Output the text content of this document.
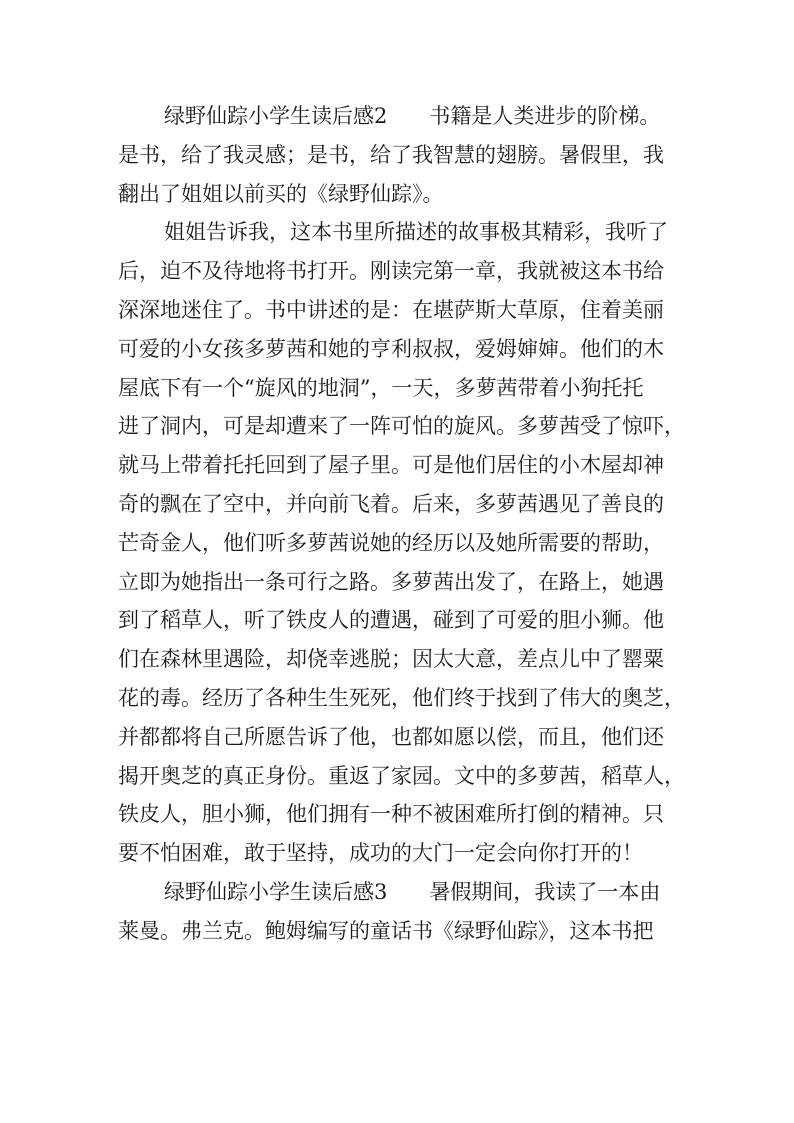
绿野仙踪小学生读后感2　　书籍是人类进步的阶梯。
是书，给了我灵感；是书，给了我智慧的翅膀。暑假里，我
翻出了姐姐以前买的《绿野仙踪》。
姐姐告诉我，这本书里所描述的故事极其精彩，我听了
后，迫不及待地将书打开。刚读完第一章，我就被这本书给
深深地迷住了。书中讲述的是：在堪萨斯大草原，住着美丽
可爱的小女孩多萝茜和她的亨利叔叔，爱姆婶婶。他们的木
屋底下有一个“旋风的地洞”，一天，多萝茜带着小狗托托
进了洞内，可是却遭来了一阵可怕的旋风。多萝茜受了惊吓，
就马上带着托托回到了屋子里。可是他们居住的小木屋却神
奇的飘在了空中，并向前飞着。后来，多萝茜遇见了善良的
芒奇金人，他们听多萝茜说她的经历以及她所需要的帮助，
立即为她指出一条可行之路。多萝茜出发了，在路上，她遇
到了稻草人，听了铁皮人的遭遇，碰到了可爱的胆小狮。他
们在森林里遇险，却侥幸逃脱；因太大意，差点儿中了罂粟
花的毒。经历了各种生生死死，他们终于找到了伟大的奥芝，
并都都将自己所愿告诉了他，也都如愿以偿，而且，他们还
揭开奥芝的真正身份。重返了家园。文中的多萝茜，稻草人，
铁皮人，胆小狮，他们拥有一种不被困难所打倒的精神。只
要不怕困难，敢于坚持，成功的大门一定会向你打开的！
绿野仙踪小学生读后感3　　暑假期间，我读了一本由
莱曼。弗兰克。鲍姆编写的童话书《绿野仙踪》，这本书把
